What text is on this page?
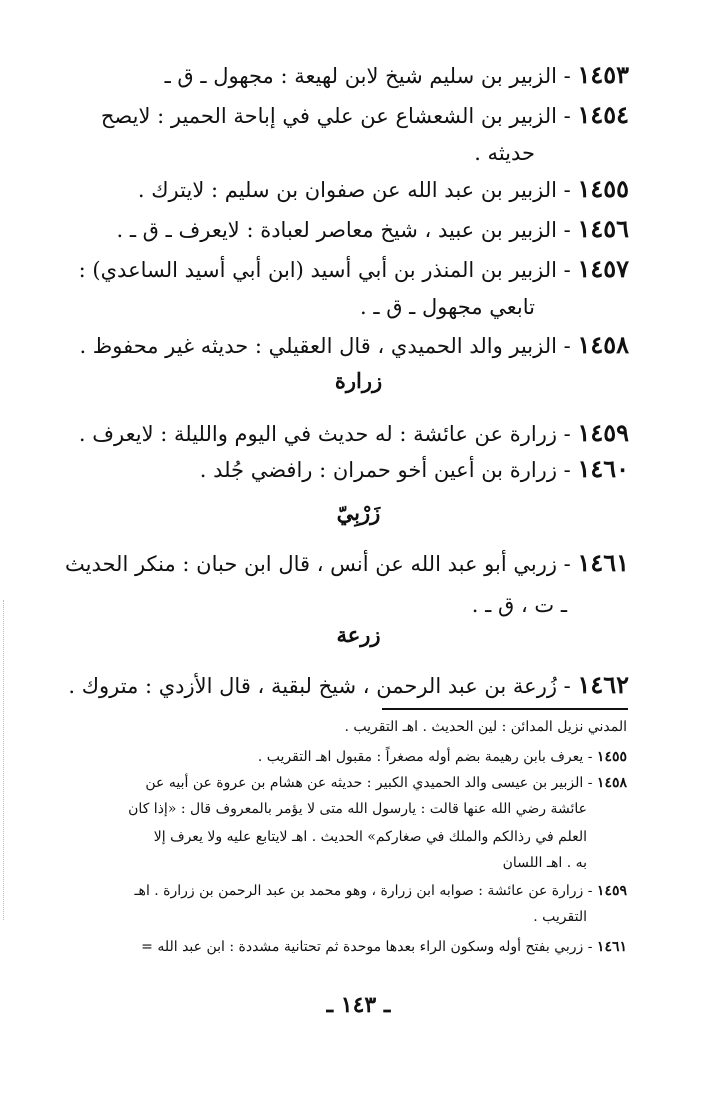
١٤٥٣ - الزبير بن سليم شيخ لابن لهيعة : مجهول ـ ق ـ
١٤٥٤ - الزبير بن الشعشاع عن علي في إباحة الحمير : لايصح
حديثه .
١٤٥٥ - الزبير بن عبد الله عن صفوان بن سليم : لايترك .
١٤٥٦ - الزبير بن عبيد ، شيخ معاصر لعبادة : لايعرف ـ ق ـ .
١٤٥٧ - الزبير بن المنذر بن أبي أسيد (ابن أبي أسيد الساعدي) :
تابعي مجهول ـ ق ـ .
١٤٥٨ - الزبير والد الحميدي ، قال العقيلي : حديثه غير محفوظ .
زرارة
١٤٥٩ - زرارة عن عائشة : له حديث في اليوم والليلة : لايعرف .
١٤٦٠ - زرارة بن أعين أخو حمران : رافضي جُلد .
زَرْبِيّ
١٤٦١ - زربي أبو عبد الله عن أنس ، قال ابن حبان : منكر الحديث
ـ ت ، ق ـ .
زرعة
١٤٦٢ - زُرعة بن عبد الرحمن ، شيخ لبقية ، قال الأزدي : متروك .
المدني نزيل المدائن : لين الحديث . اهـ التقريب .
١٤٥٥ - يعرف بابن رهيمة بضم أوله مصغراً : مقبول اهـ التقريب .
١٤٥٨ - الزبير بن عيسى والد الحميدي الكبير : حديثه عن هشام بن عروة عن أبيه عن
عائشة رضي الله عنها قالت : يارسول الله متى لا يؤمر بالمعروف قال : «إذا كان
العلم في رذالكم والملك في صغاركم» الحديث . اهـ لايتابع عليه ولا يعرف إلا
به . اهـ اللسان
١٤٥٩ - زرارة عن عائشة : صوابه ابن زرارة ، وهو محمد بن عبد الرحمن بن زرارة . اهـ
التقريب .
١٤٦١ - زربي بفتح أوله وسكون الراء بعدها موحدة ثم تحتانية مشددة : ابن عبد الله =
ـ ١٤٣ ـ
